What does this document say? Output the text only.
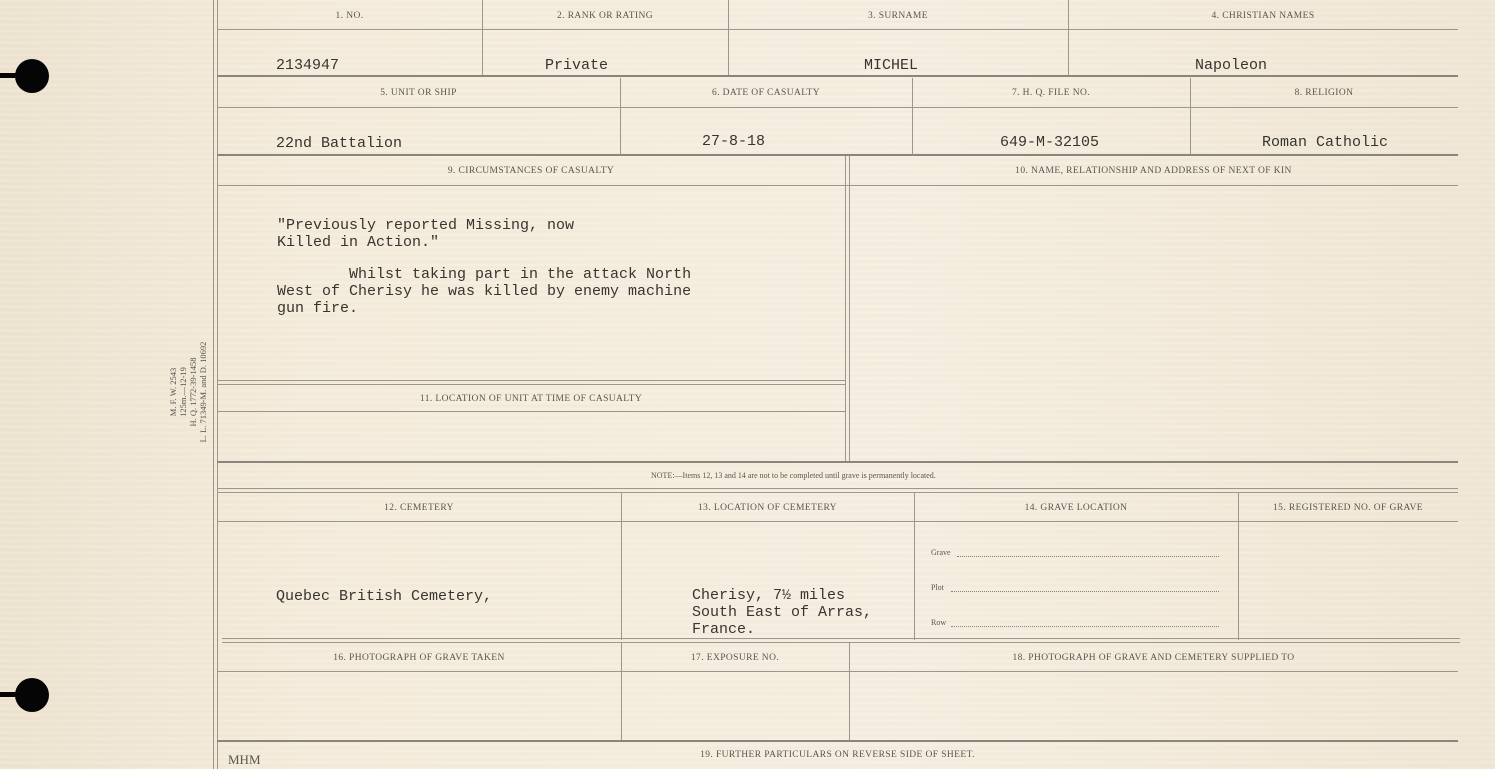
M. F. W. 2543 125m.—12-19 H. Q. 1772-39-1458 L. L. 71349-M. and D. 10692
1. NO.	2. RANK OR RATING	3. SURNAME	4. CHRISTIAN NAMES
2134947	Private	MICHEL	Napoleon
5. UNIT OR SHIP	6. DATE OF CASUALTY	7. H. Q. FILE NO.	8. RELIGION
22nd Battalion	27-8-18	649-M-32105	Roman Catholic
9. CIRCUMSTANCES OF CASUALTY	10. NAME, RELATIONSHIP AND ADDRESS OF NEXT OF KIN
"Previously reported Missing, now
Killed in Action."
Whilst taking part in the attack North
West of Cherisy he was killed by enemy machine
gun fire.
11. LOCATION OF UNIT AT TIME OF CASUALTY
NOTE:—Items 12, 13 and 14 are not to be completed until grave is permanently located.
12. CEMETERY	13. LOCATION OF CEMETERY	14. GRAVE LOCATION	15. REGISTERED NO. OF GRAVE
Quebec British Cemetery,	Cherisy, 7½ miles
South East of Arras,
France.
Grave
Plot
Row
16. PHOTOGRAPH OF GRAVE TAKEN	17. EXPOSURE NO.	18. PHOTOGRAPH OF GRAVE AND CEMETERY SUPPLIED TO
19. FURTHER PARTICULARS ON REVERSE SIDE OF SHEET.
MHM
